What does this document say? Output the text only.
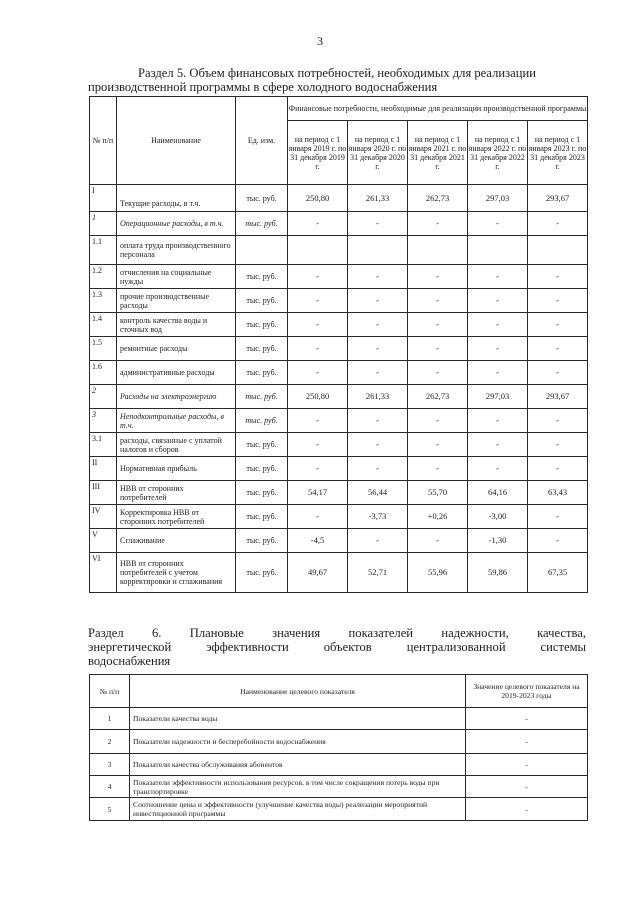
3
Раздел 5. Объем финансовых потребностей, необходимых для реализации
производственной программы в сфере холодного водоснабжения
№ п/п	Наименование	Ед. изм.	Финансовые потребности, необходимые для реализации производственной программы				
			на период с 1 января 2019 г. по 31 декабря 2019 г.	на период с 1 января 2020 г. по 31 декабря 2020 г.	на период с 1 января 2021 г. по 31 декабря 2021 г.	на период с 1 января 2022 г. по 31 декабря 2022 г.	на период с 1 января 2023 г. по 31 декабря 2023 г.
I	Текущие расходы, в т.ч.	тыс. руб.	250,80	261,33	262,73	297,03	293,67
1	Операционные расходы, в т.ч.	тыс. руб.	-	-	-	-	-
1.1	оплата труда производственного персонала						
1.2	отчисления на социальные нужды	тыс. руб.	-	-	-	-	-
1.3	прочие производственные расходы	тыс. руб.	-	-	-	-	-
1.4	контроль качества воды и сточных вод	тыс. руб.	-	-	-	-	-
1.5	ремонтные расходы	тыс. руб.	-	-	-	-	-
1.6	административные расходы	тыс. руб.	-	-	-	-	-
2	Расходы на электроэнергию	тыс. руб.	250,80	261,33	262,73	297,03	293,67
3	Неподконтрольные расходы, в т.ч.	тыс. руб.	-	-	-	-	-
3.1	расходы, связанные с уплатой налогов и сборов	тыс. руб.	-	-	-	-	-
II	Нормативная прибыль	тыс. руб.	-	-	-	-	-
III	НВВ от сторонних потребителей	тыс. руб.	54,17	56,44	55,70	64,16	63,43
IV	Корректировка НВВ от сторонних потребителей	тыс. руб.	-	-3,73	+0,26	-3,00	-
V	Сглаживание	тыс. руб.	-4,5	-	-	-1,30	-
VI	НВВ от сторонних потребителей с учетом корректировки и сглаживания	тыс. руб.	49,67	52,71	55,96	59,86	67,35
Раздел 6. Плановые значения показателей надежности, качества,
энергетической эффективности объектов централизованной системы
водоснабжения
№ п/п	Наименование целевого показателя	Значение целевого показателя на 2019-2023 годы
1	Показатели качества воды	-
2	Показатели надежности и бесперебойности водоснабжения	-
3	Показатели качества обслуживания абонентов	-
4	Показатели эффективности использования ресурсов, в том числе сокращения потерь воды при транспортировке	-
5	Соотношение цены и эффективности (улучшение качества воды) реализации мероприятий инвестиционной программы	-
